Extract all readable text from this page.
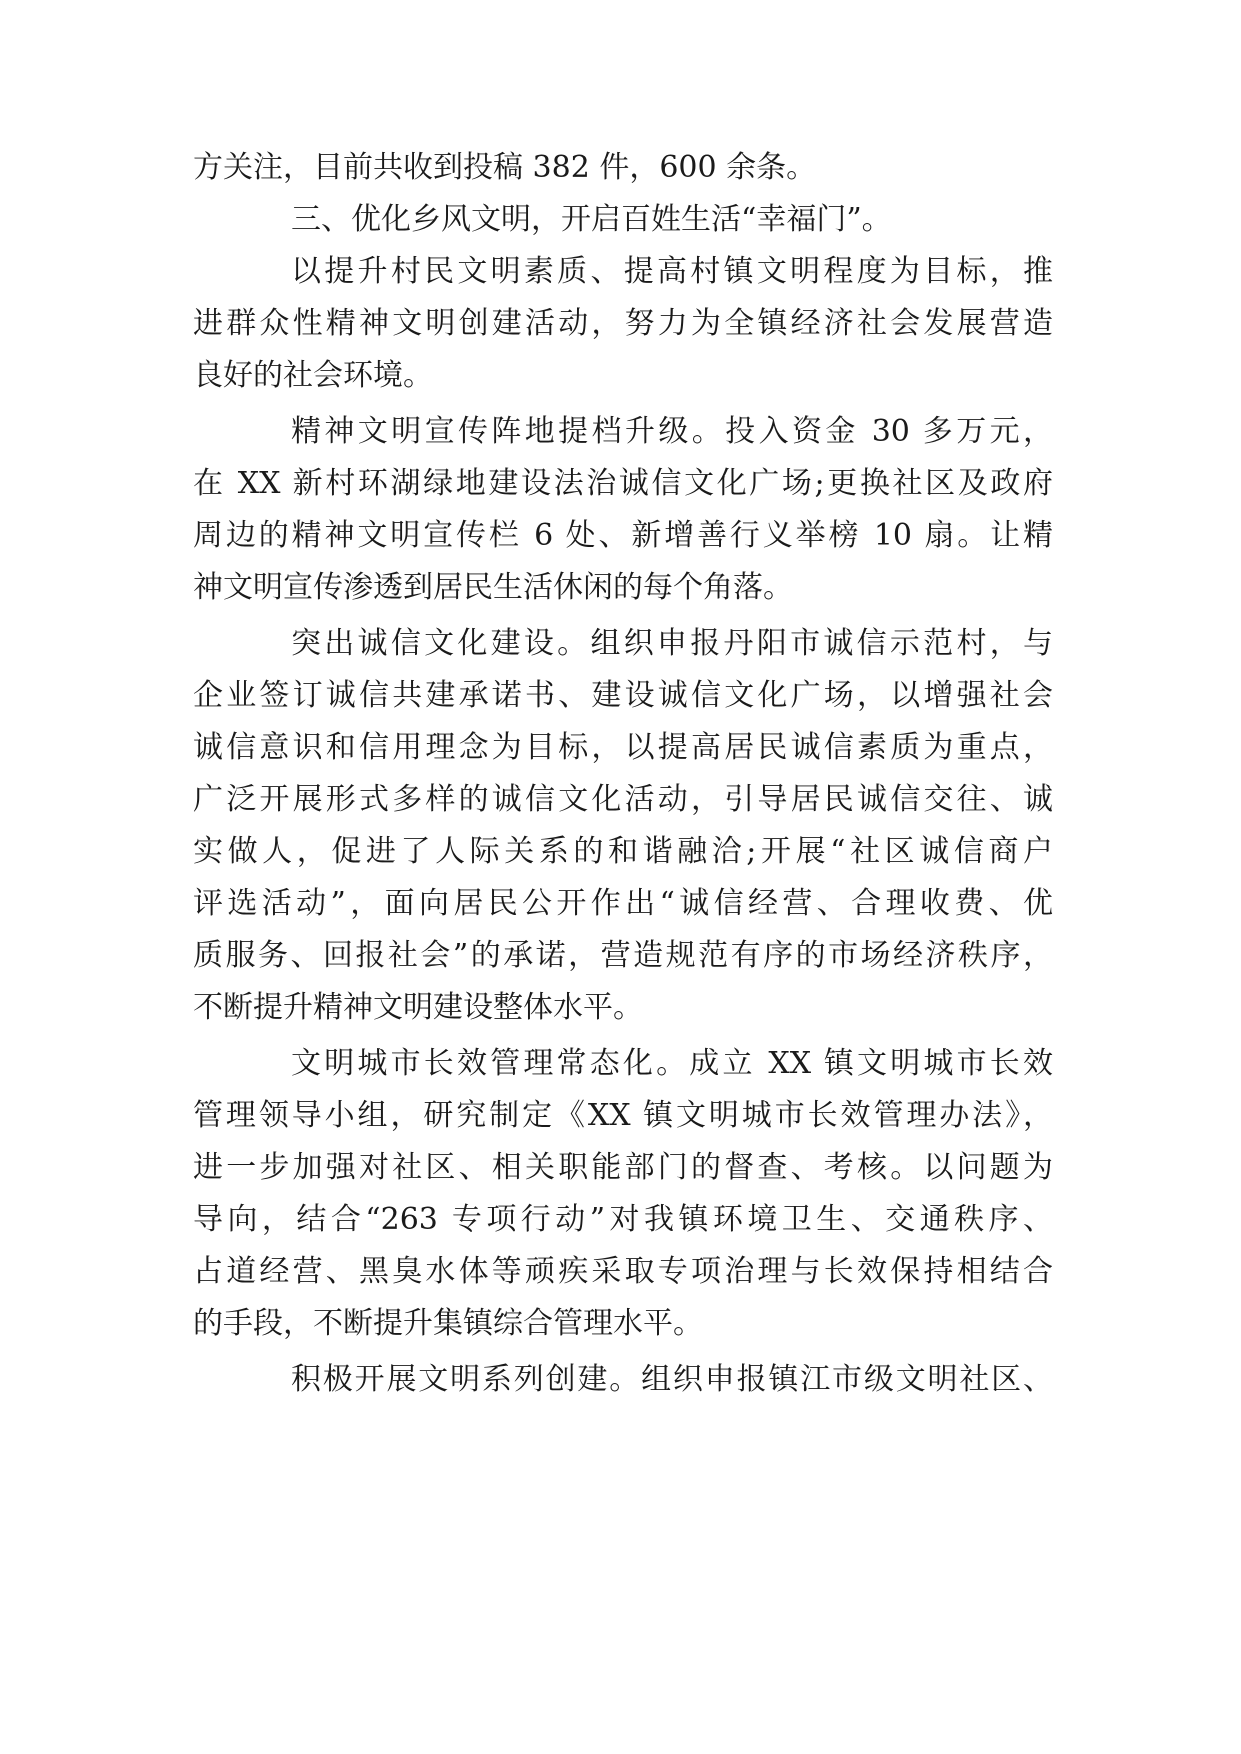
方关注，目前共收到投稿 382 件，600 余条。
三、优化乡风文明，开启百姓生活“幸福门”。
以提升村民文明素质、提高村镇文明程度为目标，推
进群众性精神文明创建活动，努力为全镇经济社会发展营造
良好的社会环境。
精神文明宣传阵地提档升级。投入资金 30 多万元，
在 XX 新村环湖绿地建设法治诚信文化广场;更换社区及政府
周边的精神文明宣传栏 6 处、新增善行义举榜 10 扇。让精
神文明宣传渗透到居民生活休闲的每个角落。
突出诚信文化建设。组织申报丹阳市诚信示范村，与
企业签订诚信共建承诺书、建设诚信文化广场，以增强社会
诚信意识和信用理念为目标，以提高居民诚信素质为重点，
广泛开展形式多样的诚信文化活动，引导居民诚信交往、诚
实做人，促进了人际关系的和谐融洽;开展“社区诚信商户
评选活动”，面向居民公开作出“诚信经营、合理收费、优
质服务、回报社会”的承诺，营造规范有序的市场经济秩序，
不断提升精神文明建设整体水平。
文明城市长效管理常态化。成立 XX 镇文明城市长效
管理领导小组，研究制定《XX 镇文明城市长效管理办法》，
进一步加强对社区、相关职能部门的督查、考核。以问题为
导向，结合“263 专项行动”对我镇环境卫生、交通秩序、
占道经营、黑臭水体等顽疾采取专项治理与长效保持相结合
的手段，不断提升集镇综合管理水平。
积极开展文明系列创建。组织申报镇江市级文明社区、
